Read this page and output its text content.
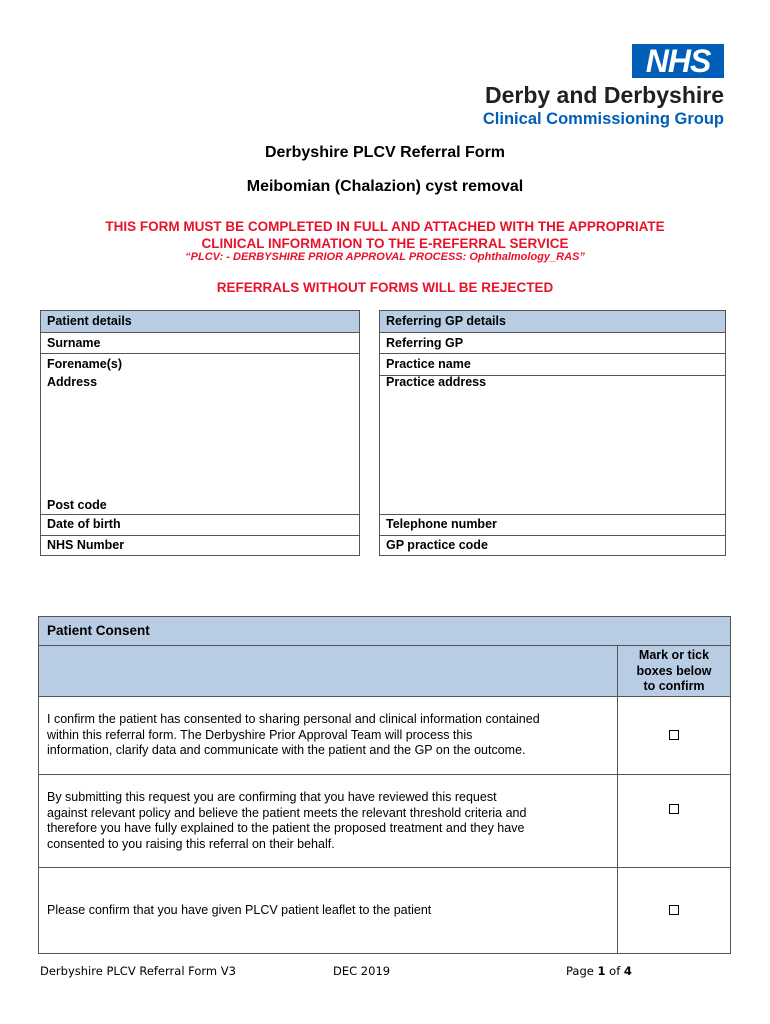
NHS
Derby and Derbyshire
Clinical Commissioning Group
Derbyshire PLCV Referral Form
Meibomian (Chalazion) cyst removal
THIS FORM MUST BE COMPLETED IN FULL AND ATTACHED WITH THE APPROPRIATE
CLINICAL INFORMATION TO THE E-REFERRAL SERVICE
“PLCV: - DERBYSHIRE PRIOR APPROVAL PROCESS: Ophthalmology_RAS”
REFERRALS WITHOUT FORMS WILL BE REJECTED
Patient details
Surname
Forename(s)
Address
Post code
Date of birth
NHS Number
Referring GP details
Referring GP
Practice name
Practice address
Telephone number
GP practice code
Patient Consent
Mark or tick
boxes below
to confirm
I confirm the patient has consented to sharing personal and clinical information contained
within this referral form. The Derbyshire Prior Approval Team will process this
information, clarify data and communicate with the patient and the GP on the outcome.
By submitting this request you are confirming that you have reviewed this request
against relevant policy and believe the patient meets the relevant threshold criteria and
therefore you have fully explained to the patient the proposed treatment and they have
consented to you raising this referral on their behalf.
Please confirm that you have given PLCV patient leaflet to the patient
Derbyshire PLCV Referral Form V3	DEC 2019	Page 1 of 4
